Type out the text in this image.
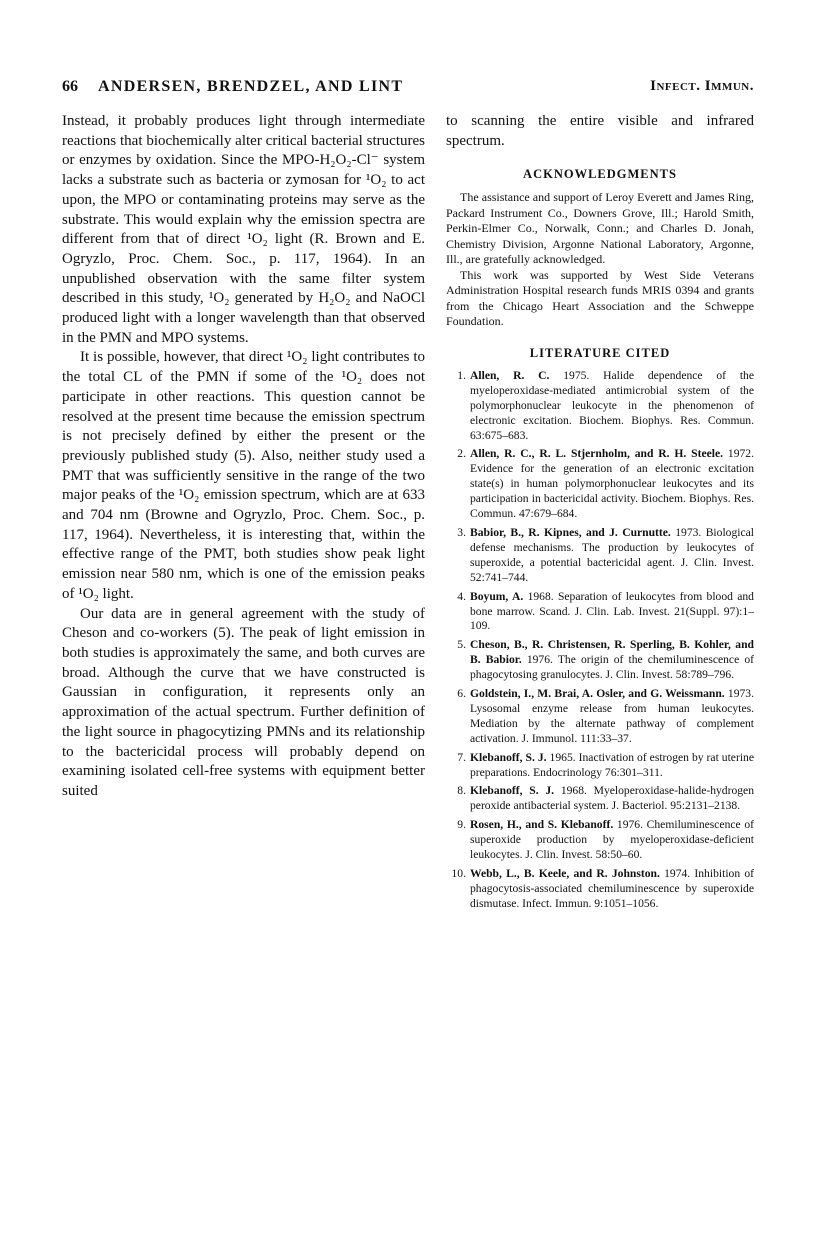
66 ANDERSEN, BRENDZEL, AND LINT	Infect. Immun.

Instead, it probably produces light through intermediate reactions that biochemically alter critical bacterial structures or enzymes by oxidation. Since the MPO-H₂O₂-Cl⁻ system lacks a substrate such as bacteria or zymosan for ¹O₂ to act upon, the MPO or contaminating proteins may serve as the substrate. This would explain why the emission spectra are different from that of direct ¹O₂ light (R. Brown and E. Ogryzlo, Proc. Chem. Soc., p. 117, 1964). In an unpublished observation with the same filter system described in this study, ¹O₂ generated by H₂O₂ and NaOCl produced light with a longer wavelength than that observed in the PMN and MPO systems.

It is possible, however, that direct ¹O₂ light contributes to the total CL of the PMN if some of the ¹O₂ does not participate in other reactions. This question cannot be resolved at the present time because the emission spectrum is not precisely defined by either the present or the previously published study (5). Also, neither study used a PMT that was sufficiently sensitive in the range of the two major peaks of the ¹O₂ emission spectrum, which are at 633 and 704 nm (Browne and Ogryzlo, Proc. Chem. Soc., p. 117, 1964). Nevertheless, it is interesting that, within the effective range of the PMT, both studies show peak light emission near 580 nm, which is one of the emission peaks of ¹O₂ light.

Our data are in general agreement with the study of Cheson and co-workers (5). The peak of light emission in both studies is approximately the same, and both curves are broad. Although the curve that we have constructed is Gaussian in configuration, it represents only an approximation of the actual spectrum. Further definition of the light source in phagocytizing PMNs and its relationship to the bactericidal process will probably depend on examining isolated cell-free systems with equipment better suited

to scanning the entire visible and infrared spectrum.

ACKNOWLEDGMENTS

The assistance and support of Leroy Everett and James Ring, Packard Instrument Co., Downers Grove, Ill.; Harold Smith, Perkin-Elmer Co., Norwalk, Conn.; and Charles D. Jonah, Chemistry Division, Argonne National Laboratory, Argonne, Ill., are gratefully acknowledged.

This work was supported by West Side Veterans Administration Hospital research funds MRIS 0394 and grants from the Chicago Heart Association and the Schweppe Foundation.

LITERATURE CITED
1. Allen, R. C. 1975. Halide dependence of the myeloperoxidase-mediated antimicrobial system of the polymorphonuclear leukocyte in the phenomenon of electronic excitation. Biochem. Biophys. Res. Commun. 63:675–683.
2. Allen, R. C., R. L. Stjernholm, and R. H. Steele. 1972. Evidence for the generation of an electronic excitation state(s) in human polymorphonuclear leukocytes and its participation in bactericidal activity. Biochem. Biophys. Res. Commun. 47:679–684.
3. Babior, B., R. Kipnes, and J. Curnutte. 1973. Biological defense mechanisms. The production by leukocytes of superoxide, a potential bactericidal agent. J. Clin. Invest. 52:741–744.
4. Boyum, A. 1968. Separation of leukocytes from blood and bone marrow. Scand. J. Clin. Lab. Invest. 21(Suppl. 97):1–109.
5. Cheson, B., R. Christensen, R. Sperling, B. Kohler, and B. Babior. 1976. The origin of the chemiluminescence of phagocytosing granulocytes. J. Clin. Invest. 58:789–796.
6. Goldstein, I., M. Brai, A. Osler, and G. Weissmann. 1973. Lysosomal enzyme release from human leukocytes. Mediation by the alternate pathway of complement activation. J. Immunol. 111:33–37.
7. Klebanoff, S. J. 1965. Inactivation of estrogen by rat uterine preparations. Endocrinology 76:301–311.
8. Klebanoff, S. J. 1968. Myeloperoxidase-halide-hydrogen peroxide antibacterial system. J. Bacteriol. 95:2131–2138.
9. Rosen, H., and S. Klebanoff. 1976. Chemiluminescence of superoxide production by myeloperoxidase-deficient leukocytes. J. Clin. Invest. 58:50–60.
10. Webb, L., B. Keele, and R. Johnston. 1974. Inhibition of phagocytosis-associated chemiluminescence by superoxide dismutase. Infect. Immun. 9:1051–1056.
